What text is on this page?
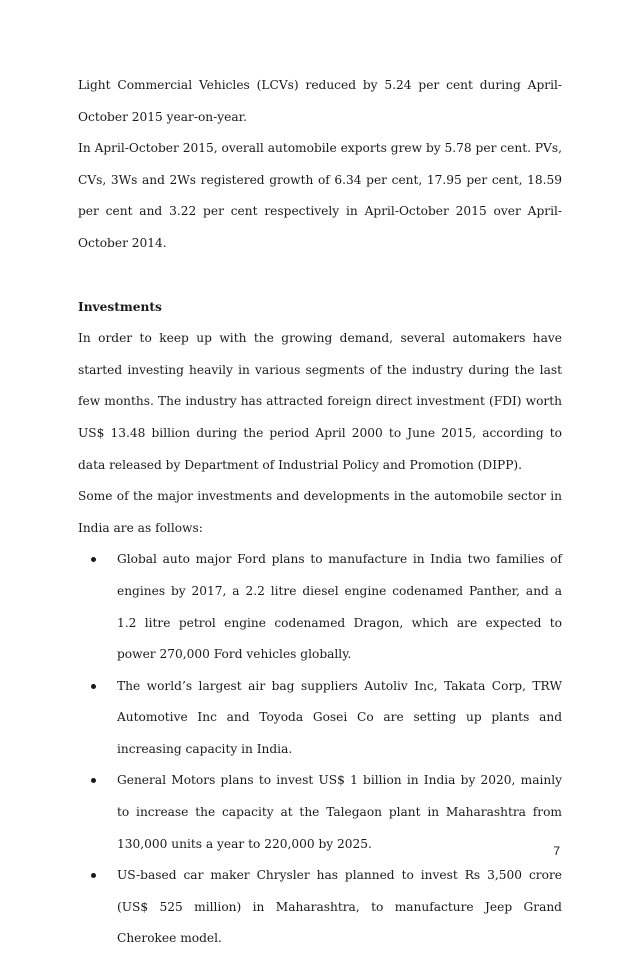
Light Commercial Vehicles (LCVs) reduced by 5.24 per cent during April-October 2015 year-on-year.

In April-October 2015, overall automobile exports grew by 5.78 per cent. PVs, CVs, 3Ws and 2Ws registered growth of 6.34 per cent, 17.95 per cent, 18.59 per cent and 3.22 per cent respectively in April-October 2015 over April- October 2014.

Investments

In order to keep up with the growing demand, several automakers have started investing heavily in various segments of the industry during the last few months. The industry has attracted foreign direct investment (FDI) worth US$ 13.48 billion during the period April 2000 to June 2015, according to data released by Department of Industrial Policy and Promotion (DIPP).

Some of the major investments and developments in the automobile sector in India are as follows:

Global auto major Ford plans to manufacture in India two families of engines by 2017, a 2.2 litre diesel engine codenamed Panther, and a 1.2 litre petrol engine codenamed Dragon, which are expected to power 270,000 Ford vehicles globally.
The world’s largest air bag suppliers Autoliv Inc, Takata Corp, TRW Automotive Inc and Toyoda Gosei Co are setting up plants and increasing capacity in India.
General Motors plans to invest US$ 1 billion in India by 2020, mainly to increase the capacity at the Talegaon plant in Maharashtra from 130,000 units a year to 220,000 by 2025.
US-based car maker Chrysler has planned to invest Rs 3,500 crore (US$ 525 million) in Maharashtra, to manufacture Jeep Grand Cherokee model.
7
